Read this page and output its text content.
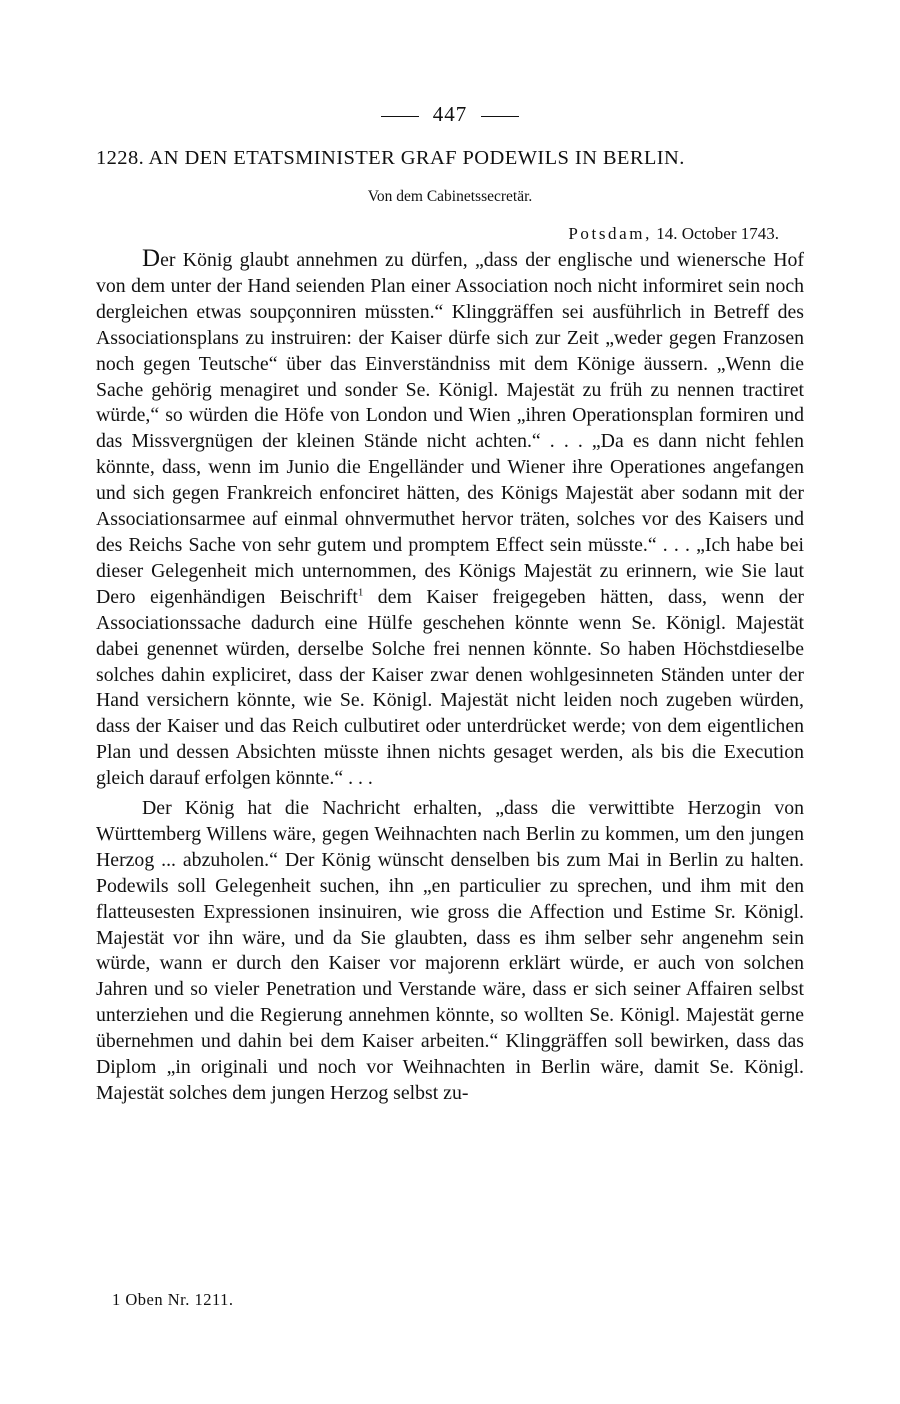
447
1228. AN DEN ETATSMINISTER GRAF PODEWILS IN BERLIN.
Von dem Cabinetssecretär.
Potsdam, 14. October 1743.

Der König glaubt annehmen zu dürfen, „dass der englische und wienersche Hof von dem unter der Hand seienden Plan einer Association noch nicht informiret sein noch dergleichen etwas soupçonniren müssten.“ Klinggräffen sei ausführlich in Betreff des Associationsplans zu instruiren: der Kaiser dürfe sich zur Zeit „weder gegen Franzosen noch gegen Teutsche“ über das Einverständniss mit dem Könige äussern. „Wenn die Sache gehörig menagiret und sonder Se. Königl. Majestät zu früh zu nennen tractiret würde,“ so würden die Höfe von London und Wien „ihren Operationsplan formiren und das Missvergnügen der kleinen Stände nicht achten.“ . . . „Da es dann nicht fehlen könnte, dass, wenn im Junio die Engelländer und Wiener ihre Operationes angefangen und sich gegen Frankreich enfonciret hätten, des Königs Majestät aber sodann mit der Associationsarmee auf einmal ohnvermuthet hervor träten, solches vor des Kaisers und des Reichs Sache von sehr gutem und promptem Effect sein müsste.“ . . . „Ich habe bei dieser Gelegenheit mich unternommen, des Königs Majestät zu erinnern, wie Sie laut Dero eigenhändigen Beischrift$^1$ dem Kaiser freigegeben hätten, dass, wenn der Associationssache dadurch eine Hülfe geschehen könnte wenn Se. Königl. Majestät dabei genennet würden, derselbe Solche frei nennen könnte. So haben Höchstdieselbe solches dahin expliciret, dass der Kaiser zwar denen wohlgesinneten Ständen unter der Hand versichern könnte, wie Se. Königl. Majestät nicht leiden noch zugeben würden, dass der Kaiser und das Reich culbutiret oder unterdrücket werde; von dem eigentlichen Plan und dessen Absichten müsste ihnen nichts gesaget werden, als bis die Execution gleich darauf erfolgen könnte.“ . . .

Der König hat die Nachricht erhalten, „dass die verwittibte Herzogin von Württemberg Willens wäre, gegen Weihnachten nach Berlin zu kommen, um den jungen Herzog ... abzuholen.“ Der König wünscht denselben bis zum Mai in Berlin zu halten. Podewils soll Gelegenheit suchen, ihn „en particulier zu sprechen, und ihm mit den flatteusesten Expressionen insinuiren, wie gross die Affection und Estime Sr. Königl. Majestät vor ihn wäre, und da Sie glaubten, dass es ihm selber sehr angenehm sein würde, wann er durch den Kaiser vor majorenn erklärt würde, er auch von solchen Jahren und so vieler Penetration und Verstande wäre, dass er sich seiner Affairen selbst unterziehen und die Regierung annehmen könnte, so wollten Se. Königl. Majestät gerne übernehmen und dahin bei dem Kaiser arbeiten.“ Klinggräffen soll bewirken, dass das Diplom „in originali und noch vor Weihnachten in Berlin wäre, damit Se. Königl. Majestät solches dem jungen Herzog selbst zu-

1 Oben Nr. 1211.
